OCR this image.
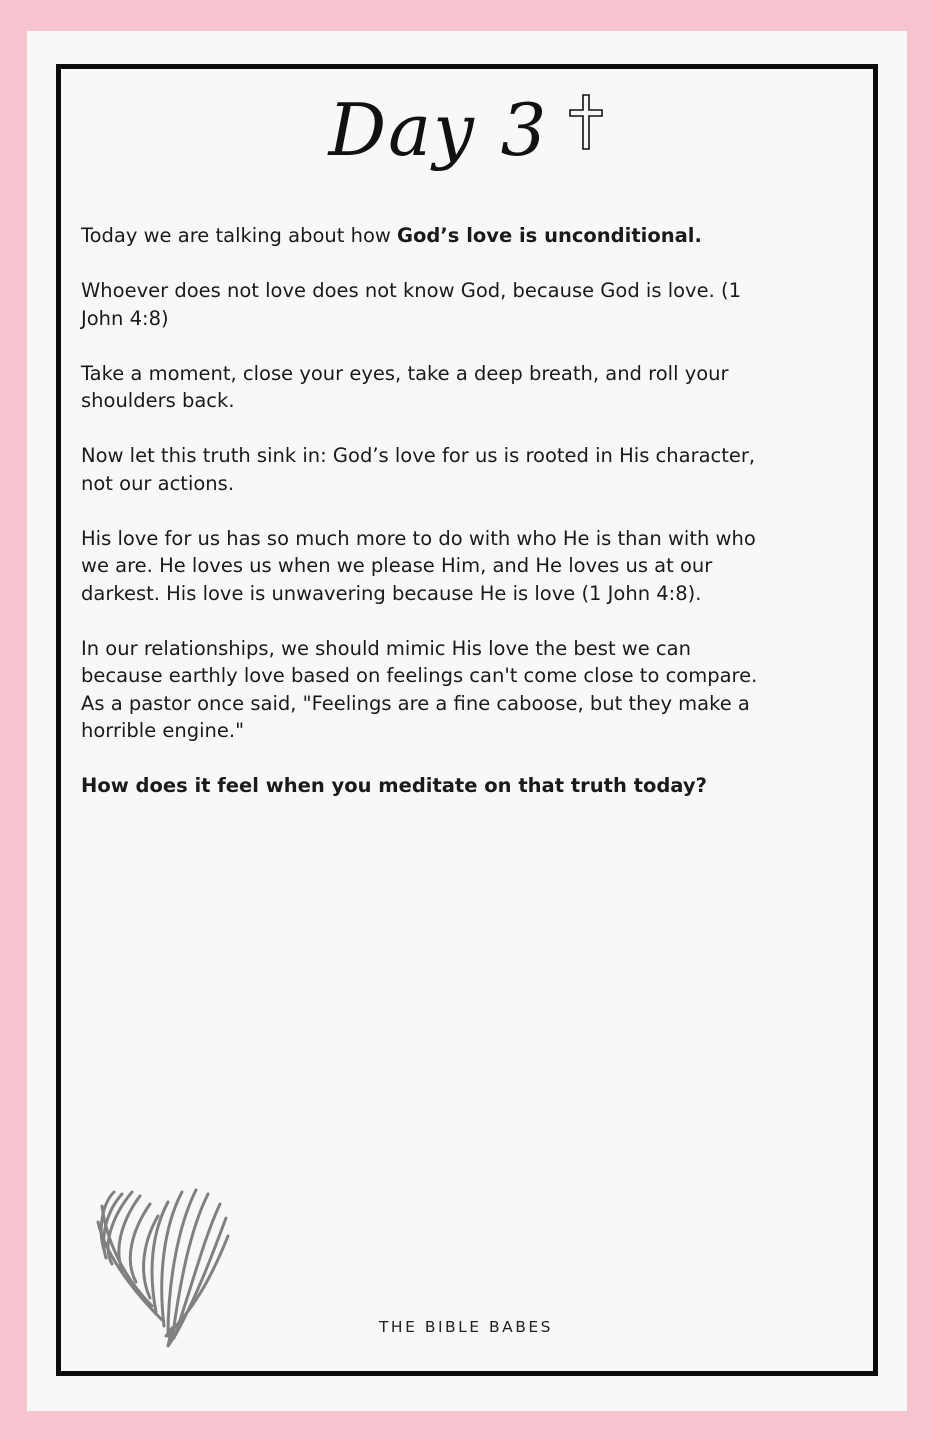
Day 3

Today we are talking about how God’s love is unconditional.

Whoever does not love does not know God, because God is love. (1 John 4:8)

Take a moment, close your eyes, take a deep breath, and roll your shoulders back.

Now let this truth sink in: God’s love for us is rooted in His character, not our actions.

His love for us has so much more to do with who He is than with who we are. He loves us when we please Him, and He loves us at our darkest. His love is unwavering because He is love (1 John 4:8).

In our relationships, we should mimic His love the best we can because earthly love based on feelings can't come close to compare. As a pastor once said, "Feelings are a fine caboose, but they make a horrible engine."

How does it feel when you meditate on that truth today?

THE BIBLE BABES
